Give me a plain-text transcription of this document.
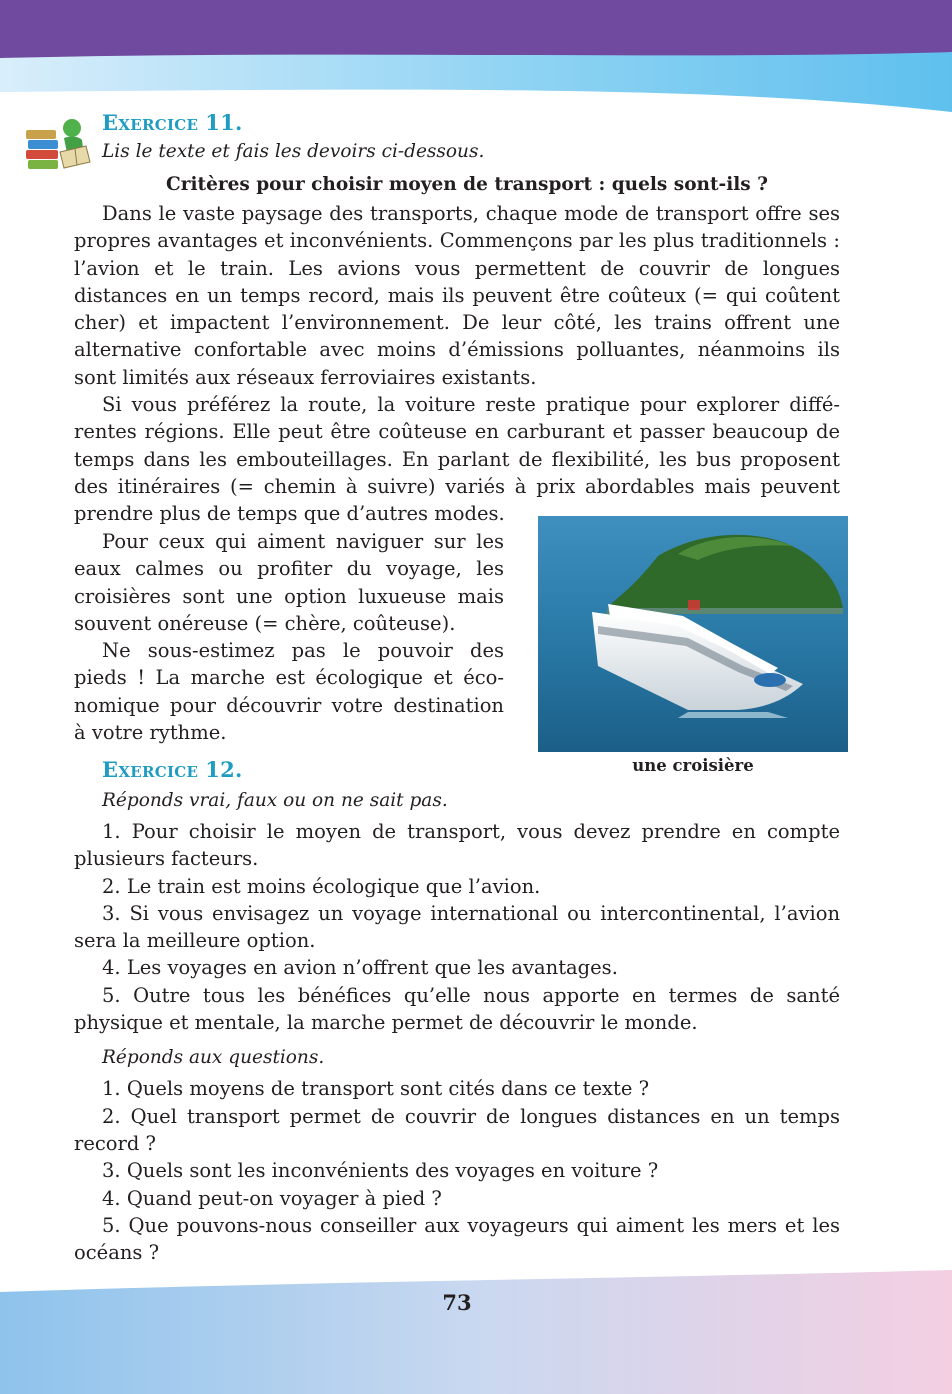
EXERCICE 11.
Lis le texte et fais les devoirs ci-dessous.
Critères pour choisir moyen de transport : quels sont-ils ?

Dans le vaste paysage des transports, chaque mode de transport offre ses propres avantages et inconvénients. Commençons par les plus traditionnels : l’avion et le train. Les avions vous permettent de couvrir de longues distances en un temps record, mais ils peuvent être coûteux (= qui coûtent cher) et impactent l’environnement. De leur côté, les trains offrent une alternative confortable avec moins d’émissions polluantes, néanmoins ils sont limités aux réseaux ferroviaires existants.

Si vous préférez la route, la voiture reste pratique pour explorer différentes régions. Elle peut être coûteuse en carburant et passer beaucoup de temps dans les embouteillages. En parlant de flexibilité, les bus proposent des itinéraires (= chemin à suivre) variés à prix abordables mais peuvent prendre plus de temps que d’autres modes.

Pour ceux qui aiment naviguer sur les eaux calmes ou profiter du voyage, les croisières sont une option luxueuse mais souvent onéreuse (= chère, coûteuse).

Ne sous-estimez pas le pouvoir des pieds ! La marche est écologique et économique pour découvrir votre destination à votre rythme.

une croisière
EXERCICE 12.
Réponds vrai, faux ou on ne sait pas.

1. Pour choisir le moyen de transport, vous devez prendre en compte plusieurs facteurs.

2. Le train est moins écologique que l’avion.

3. Si vous envisagez un voyage international ou intercontinental, l’avion sera la meilleure option.

4. Les voyages en avion n’offrent que les avantages.

5. Outre tous les bénéfices qu’elle nous apporte en termes de santé physique et mentale, la marche permet de découvrir le monde.

Réponds aux questions.

1. Quels moyens de transport sont cités dans ce texte ?

2. Quel transport permet de couvrir de longues distances en un temps record ?

3. Quels sont les inconvénients des voyages en voiture ?

4. Quand peut-on voyager à pied ?

5. Que pouvons-nous conseiller aux voyageurs qui aiment les mers et les océans ?

73
